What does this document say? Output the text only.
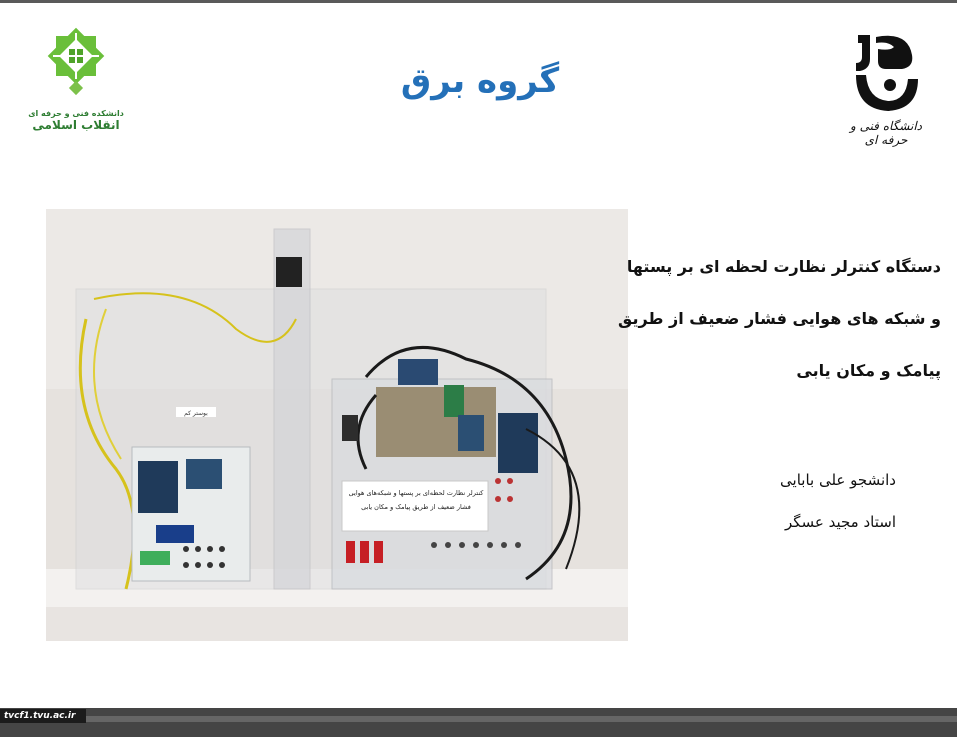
دانشکده فنی و حرفه ای
انقلاب اسلامی
گروه برق
دانشگاه فنی و حرفه ای
بوستر کم
کنترلر نظارت لحظه‌ای بر پستها و شبکه‌های هوایی
فشار ضعیف از طریق پیامک و مکان یابی
دستگاه کنترلر نظارت لحظه ای بر پستها
و شبکه های هوایی فشار ضعیف از طریق
پیامک و مکان یابی
دانشجو علی بابایی
استاد مجید عسگر
tvcf1.tvu.ac.ir
